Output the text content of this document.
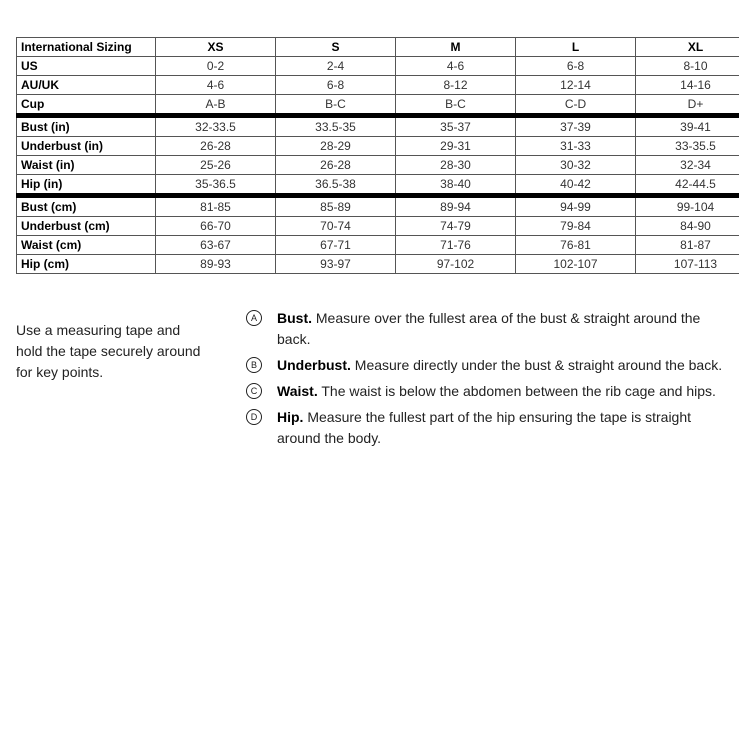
International Sizing	XS	S	M	L	XL
US	0-2	2-4	4-6	6-8	8-10
AU/UK	4-6	6-8	8-12	12-14	14-16
Cup	A-B	B-C	B-C	C-D	D+
Bust (in)	32-33.5	33.5-35	35-37	37-39	39-41
Underbust (in)	26-28	28-29	29-31	31-33	33-35.5
Waist (in)	25-26	26-28	28-30	30-32	32-34
Hip (in)	35-36.5	36.5-38	38-40	40-42	42-44.5
Bust (cm)	81-85	85-89	89-94	94-99	99-104
Underbust (cm)	66-70	70-74	74-79	79-84	84-90
Waist (cm)	63-67	67-71	71-76	76-81	81-87
Hip (cm)	89-93	93-97	97-102	102-107	107-113

Use a measuring tape and hold the tape securely around for key points.

A	Bust. Measure over the fullest area of the bust & straight around the back.
B	Underbust. Measure directly under the bust & straight around the back.
C	Waist. The waist is below the abdomen between the rib cage and hips.
D	Hip. Measure the fullest part of the hip ensuring the tape is straight around the body.
